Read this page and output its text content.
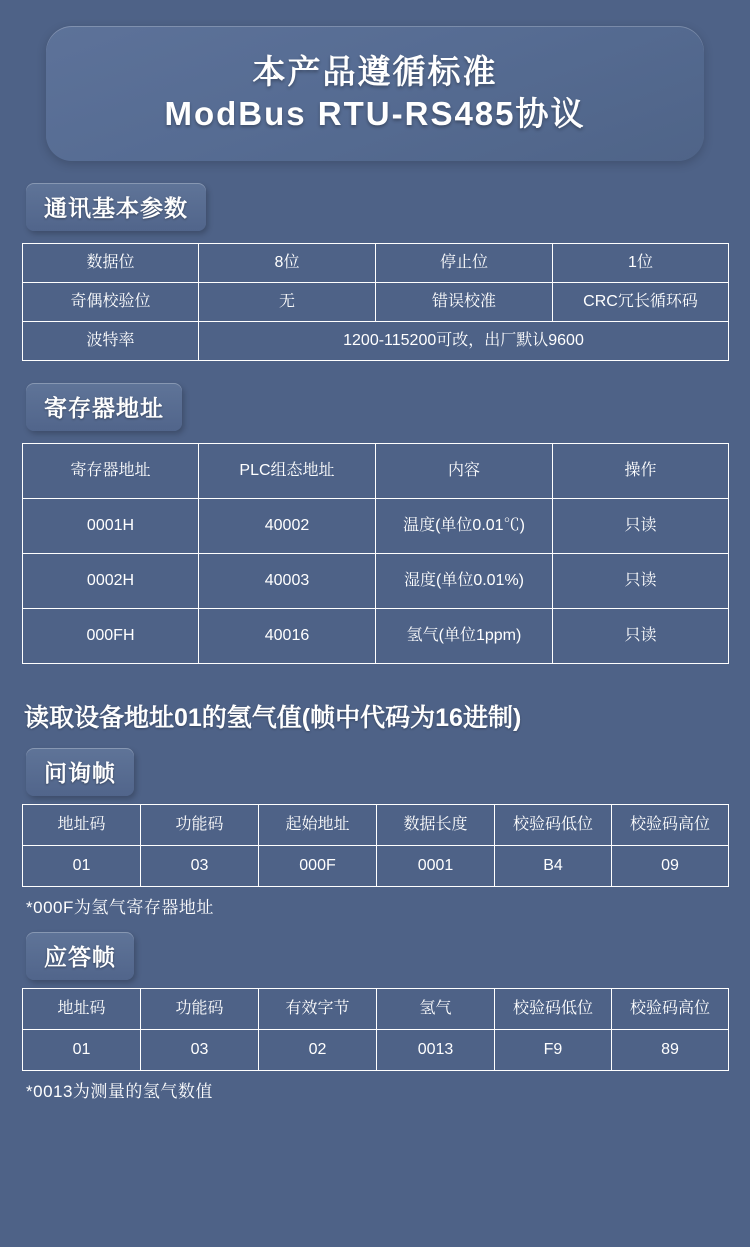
本产品遵循标准
ModBus RTU-RS485协议
通讯基本参数
数据位	8位	停止位	1位
奇偶校验位	无	错误校准	CRC冗长循环码
波特率	1200-115200可改，出厂默认9600		
寄存器地址
寄存器地址	PLC组态地址	内容	操作
0001H	40002	温度(单位0.01℃)	只读
0002H	40003	湿度(单位0.01%)	只读
000FH	40016	氢气(单位1ppm)	只读
读取设备地址01的氢气值(帧中代码为16进制)
问询帧
地址码	功能码	起始地址	数据长度	校验码低位	校验码高位
01	03	000F	0001	B4	09
*000F为氢气寄存器地址
应答帧
地址码	功能码	有效字节	氢气	校验码低位	校验码高位
01	03	02	0013	F9	89
*0013为测量的氢气数值
